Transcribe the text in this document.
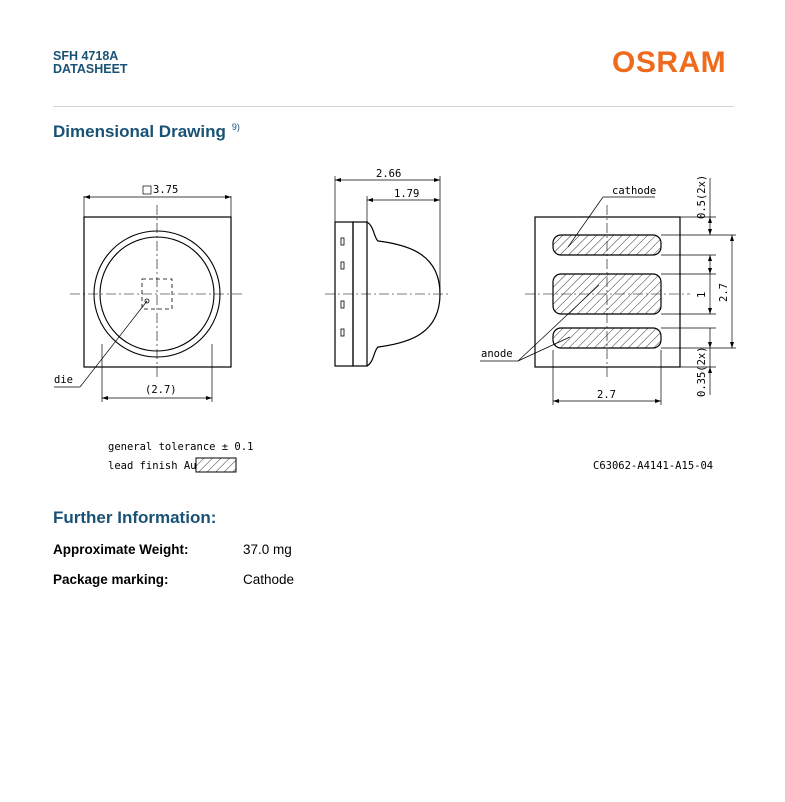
SFH 4718A
DATASHEET	OSRAM
Dimensional Drawing $^{9)}$
3.75
(2.7)
die
2.66
1.79	cathode
anode
0.5(2x)
1 2.7
0.35(2x)
2.7
general tolerance ± 0.1
lead finish Au	C63062-A4141-A15-04
Further Information:
Approximate Weight:	37.0 mg
Package marking:	Cathode
